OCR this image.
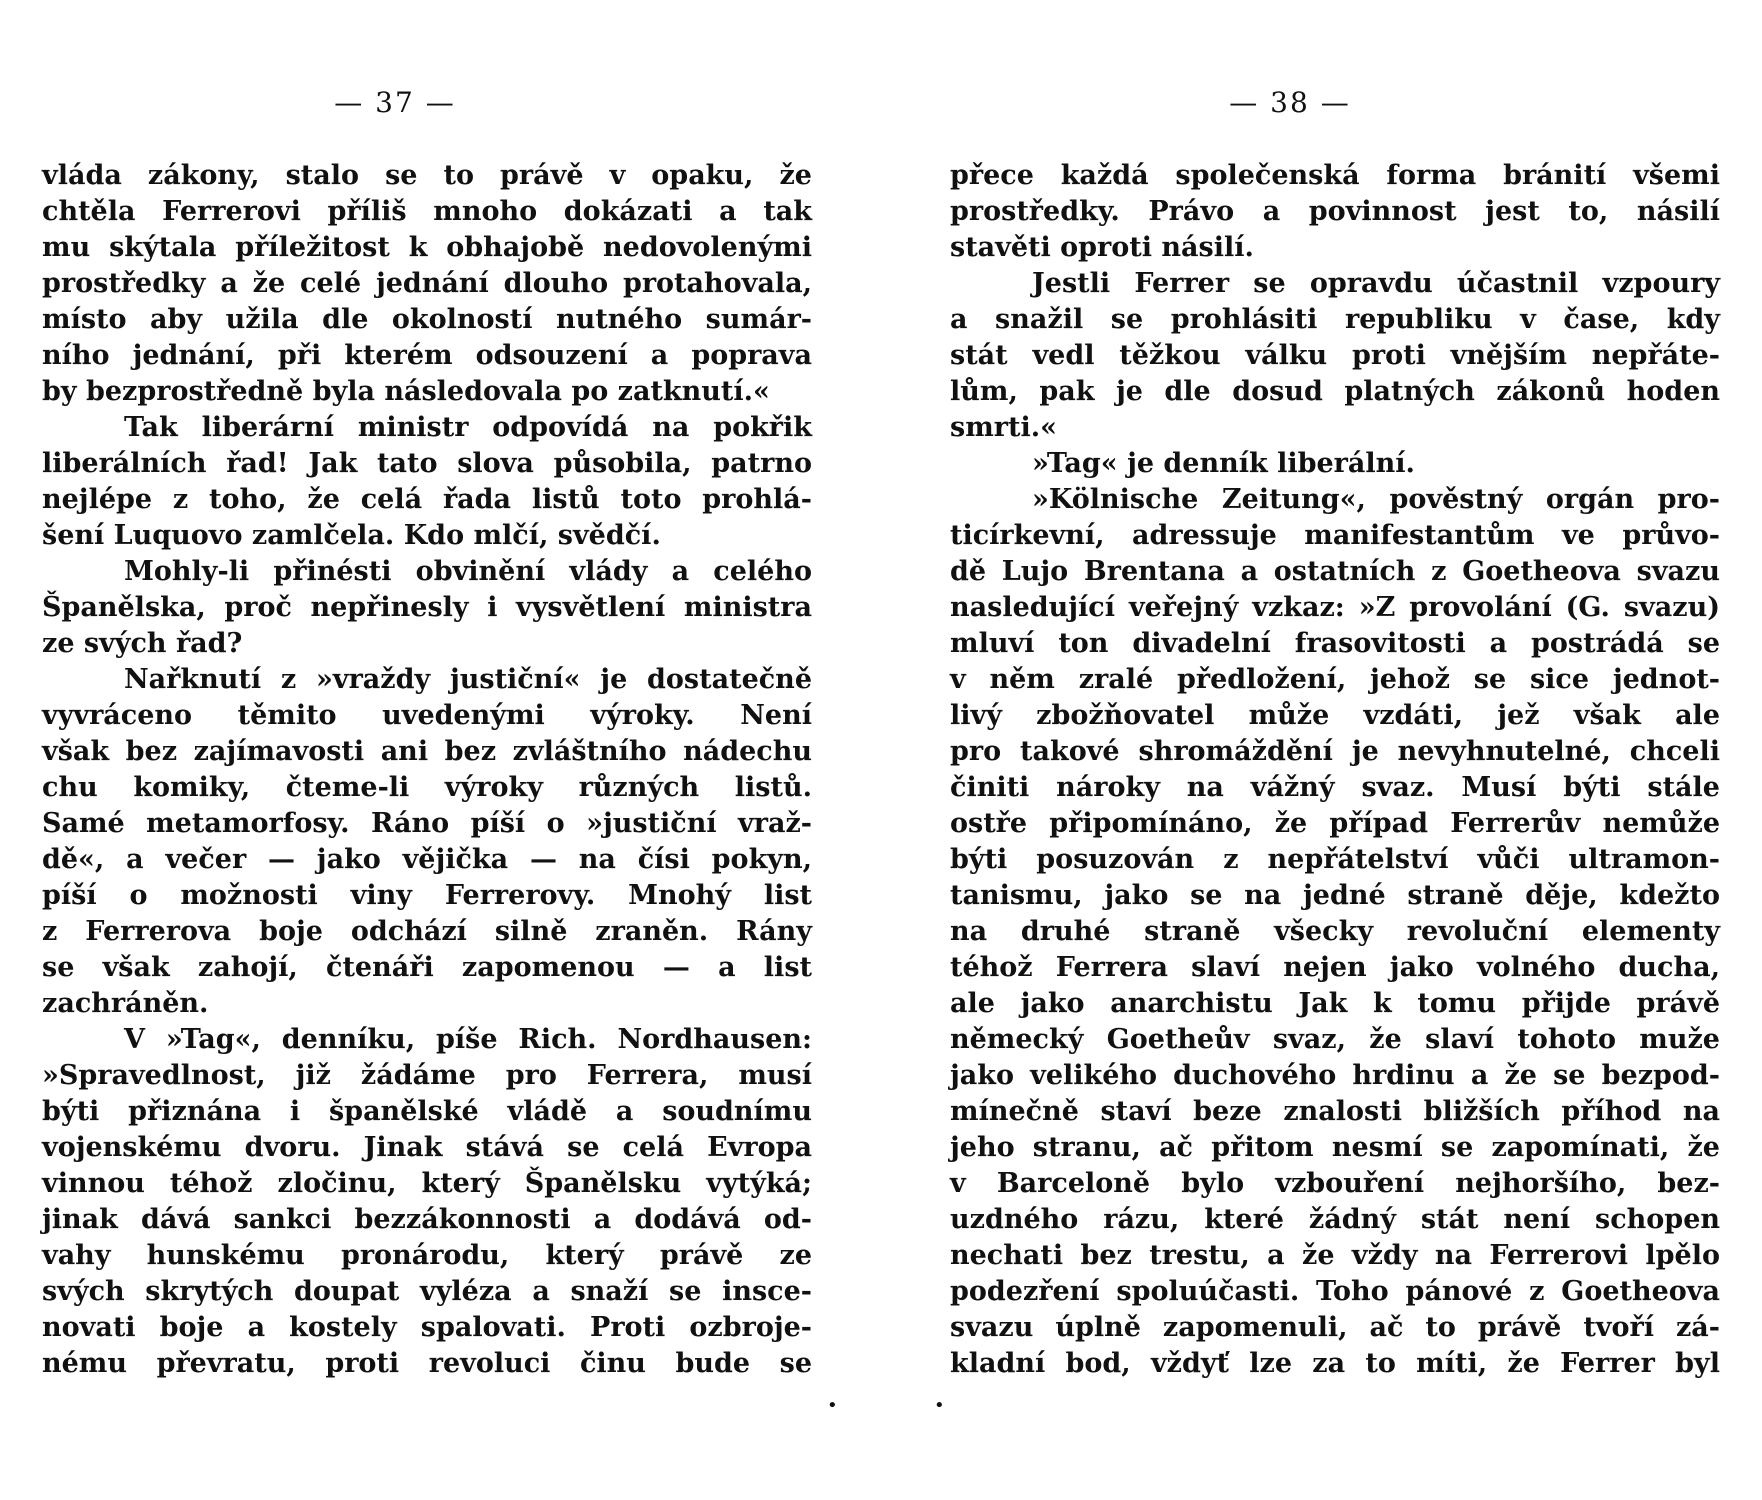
— 37 —
vláda zákony, stalo se to právě v opaku, že
chtěla Ferrerovi příliš mnoho dokázati a tak
mu skýtala příležitost k obhajobě nedovolenými
prostředky a že celé jednání dlouho protahovala,
místo aby užila dle okolností nutného sumár-
ního jednání, při kterém odsouzení a poprava
by bezprostředně byla následovala po zatknutí.«
Tak liberární ministr odpovídá na pokřik
liberálních řad! Jak tato slova působila, patrno
nejlépe z toho, že celá řada listů toto prohlá-
šení Luquovo zamlčela. Kdo mlčí, svědčí.
Mohly-li přinésti obvinění vlády a celého
Španělska, proč nepřinesly i vysvětlení ministra
ze svých řad?
Nařknutí z »vraždy justiční« je dostatečně
vyvráceno těmito uvedenými výroky. Není
však bez zajímavosti ani bez zvláštního nádechu
chu komiky, čteme-li výroky různých listů.
Samé metamorfosy. Ráno píší o »justiční vraž-
dě«, a večer — jako vějička — na čísi pokyn,
píší o možnosti viny Ferrerovy. Mnohý list
z Ferrerova boje odchází silně zraněn. Rány
se však zahojí, čtenáři zapomenou — a list
zachráněn.
V »Tag«, denníku, píše Rich. Nordhausen:
»Spravedlnost, již žádáme pro Ferrera, musí
býti přiznána i španělské vládě a soudnímu
vojenskému dvoru. Jinak stává se celá Evropa
vinnou téhož zločinu, který Španělsku vytýká;
jinak dává sankci bezzákonnosti a dodává od-
vahy hunskému pronárodu, který právě ze
svých skrytých doupat vyléza a snaží se insce-
novati boje a kostely spalovati. Proti ozbroje-
nému převratu, proti revoluci činu bude se
•
— 38 —
přece každá společenská forma bránití všemi
prostředky. Právo a povinnost jest to, násilí
stavěti oproti násilí.
Jestli Ferrer se opravdu účastnil vzpoury
a snažil se prohlásiti republiku v čase, kdy
stát vedl těžkou válku proti vnějším nepřáte-
lům, pak je dle dosud platných zákonů hoden
smrti.«
»Tag« je denník liberální.
»Kölnische Zeitung«, pověstný orgán pro-
ticírkevní, adressuje manifestantům ve průvo-
dě Lujo Brentana a ostatních z Goetheova svazu
nasledující veřejný vzkaz: »Z provolání (G. svazu)
mluví ton divadelní frasovitosti a postrádá se
v něm zralé předložení, jehož se sice jednot-
livý zbožňovatel může vzdáti, jež však ale
pro takové shromáždění je nevyhnutelné, chceli
činiti nároky na vážný svaz. Musí býti stále
ostře připomínáno, že případ Ferrerův nemůže
býti posuzován z nepřátelství vůči ultramon-
tanismu, jako se na jedné straně děje, kdežto
na druhé straně všecky revoluční elementy
téhož Ferrera slaví nejen jako volného ducha,
ale jako anarchistu Jak k tomu přijde právě
německý Goetheův svaz, že slaví tohoto muže
jako velikého duchového hrdinu a že se bezpod-
mínečně staví beze znalosti bližších příhod na
jeho stranu, ač přitom nesmí se zapomínati, že
v Barceloně bylo vzbouření nejhoršího, bez-
uzdného rázu, které žádný stát není schopen
nechati bez trestu, a že vždy na Ferrerovi lpělo
podezření spoluúčasti. Toho pánové z Goetheova
svazu úplně zapomenuli, ač to právě tvoří zá-
kladní bod, vždyť lze za to míti, že Ferrer byl
•
